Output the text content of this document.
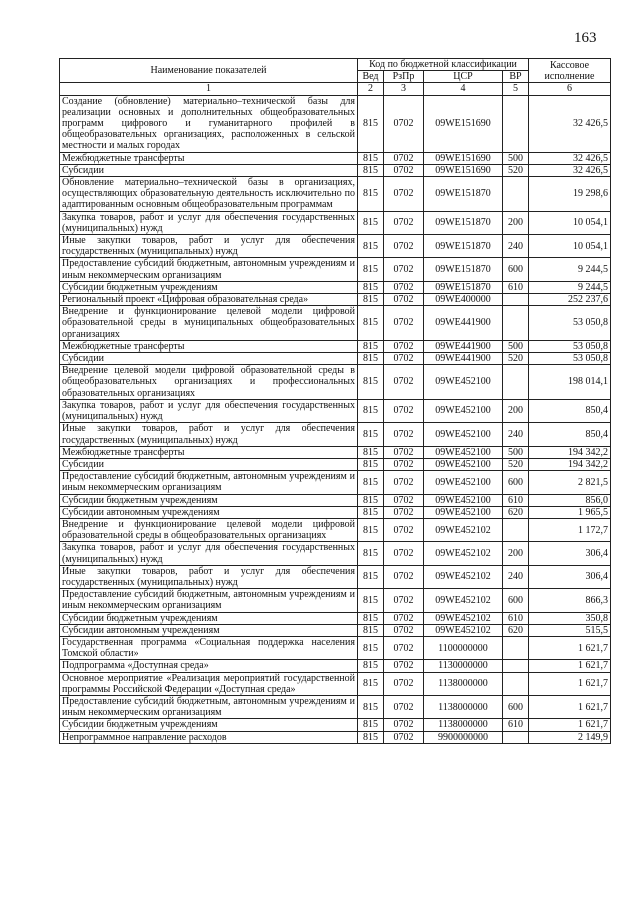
163
Наименование показателей	Код по бюджетной классификации				Кассовое исполнение
	Вед	РзПр	ЦСР	ВР	
1	2	3	4	5	6
Создание (обновление) материально–технической базы для реализации основных и дополнительных общеобразовательных программ цифрового и гуманитарного профилей в общеобразовательных организациях, расположенных в сельской местности и малых городах	815	0702	09WE151690		32 426,5
Межбюджетные трансферты	815	0702	09WE151690	500	32 426,5
Субсидии	815	0702	09WE151690	520	32 426,5
Обновление материально–технической базы в организациях, осуществляющих образовательную деятельность исключительно по адаптированным основным общеобразовательным программам	815	0702	09WE151870		19 298,6
Закупка товаров, работ и услуг для обеспечения государственных (муниципальных) нужд	815	0702	09WE151870	200	10 054,1
Иные закупки товаров, работ и услуг для обеспечения государственных (муниципальных) нужд	815	0702	09WE151870	240	10 054,1
Предоставление субсидий бюджетным, автономным учреждениям и иным некоммерческим организациям	815	0702	09WE151870	600	9 244,5
Субсидии бюджетным учреждениям	815	0702	09WE151870	610	9 244,5
Региональный проект «Цифровая образовательная среда»	815	0702	09WE400000		252 237,6
Внедрение и функционирование целевой модели цифровой образовательной среды в муниципальных общеобразовательных организациях	815	0702	09WE441900		53 050,8
Межбюджетные трансферты	815	0702	09WE441900	500	53 050,8
Субсидии	815	0702	09WE441900	520	53 050,8
Внедрение целевой модели цифровой образовательной среды в общеобразовательных организациях и профессиональных образовательных организациях	815	0702	09WE452100		198 014,1
Закупка товаров, работ и услуг для обеспечения государственных (муниципальных) нужд	815	0702	09WE452100	200	850,4
Иные закупки товаров, работ и услуг для обеспечения государственных (муниципальных) нужд	815	0702	09WE452100	240	850,4
Межбюджетные трансферты	815	0702	09WE452100	500	194 342,2
Субсидии	815	0702	09WE452100	520	194 342,2
Предоставление субсидий бюджетным, автономным учреждениям и иным некоммерческим организациям	815	0702	09WE452100	600	2 821,5
Субсидии бюджетным учреждениям	815	0702	09WE452100	610	856,0
Субсидии автономным учреждениям	815	0702	09WE452100	620	1 965,5
Внедрение и функционирование целевой модели цифровой образовательной среды в общеобразовательных организациях	815	0702	09WE452102		1 172,7
Закупка товаров, работ и услуг для обеспечения государственных (муниципальных) нужд	815	0702	09WE452102	200	306,4
Иные закупки товаров, работ и услуг для обеспечения государственных (муниципальных) нужд	815	0702	09WE452102	240	306,4
Предоставление субсидий бюджетным, автономным учреждениям и иным некоммерческим организациям	815	0702	09WE452102	600	866,3
Субсидии бюджетным учреждениям	815	0702	09WE452102	610	350,8
Субсидии автономным учреждениям	815	0702	09WE452102	620	515,5
Государственная программа «Социальная поддержка населения Томской области»	815	0702	1100000000		1 621,7
Подпрограмма «Доступная среда»	815	0702	1130000000		1 621,7
Основное мероприятие «Реализация мероприятий государственной программы Российской Федерации «Доступная среда»	815	0702	1138000000		1 621,7
Предоставление субсидий бюджетным, автономным учреждениям и иным некоммерческим организациям	815	0702	1138000000	600	1 621,7
Субсидии бюджетным учреждениям	815	0702	1138000000	610	1 621,7
Непрограммное направление расходов	815	0702	9900000000		2 149,9
